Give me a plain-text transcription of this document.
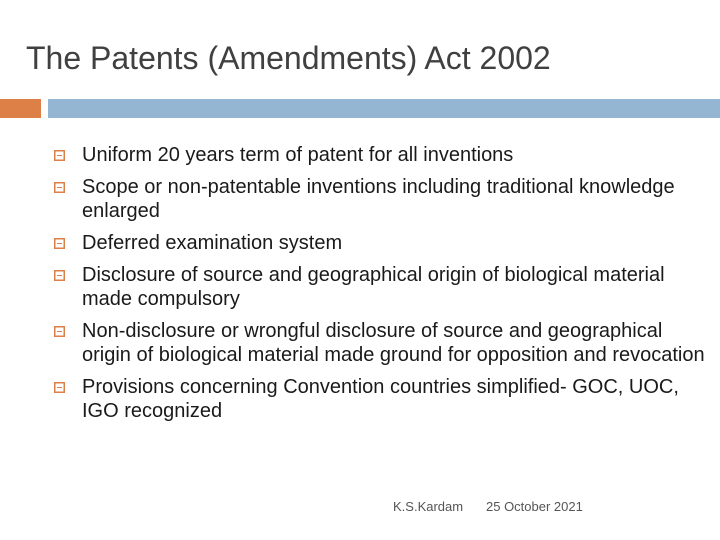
The Patents (Amendments) Act 2002
Uniform 20 years term of patent for all inventions
Scope or non-patentable inventions including traditional knowledge enlarged
Deferred examination system
Disclosure of source and geographical origin of biological material made compulsory
Non-disclosure or wrongful disclosure of source and geographical origin of biological material made ground for opposition and revocation
Provisions concerning Convention countries simplified- GOC, UOC, IGO recognized
K.S.Kardam 25 October 2021
